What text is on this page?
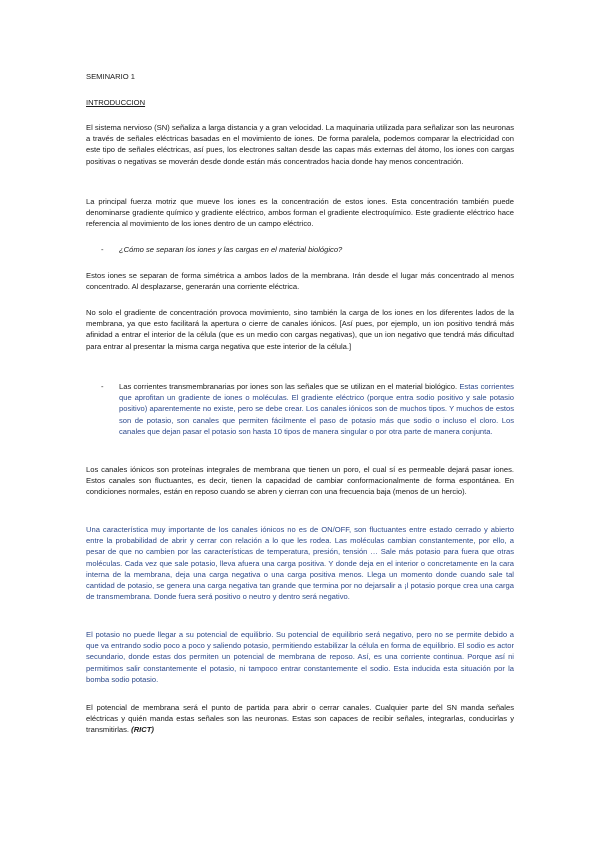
SEMINARIO 1

INTRODUCCION

El sistema nervioso (SN) señaliza a larga distancia y a gran velocidad. La maquinaria utilizada para señalizar son las neuronas a través de señales eléctricas basadas en el movimiento de iones. De forma paralela, podemos comparar la electricidad con este tipo de señales eléctricas, así pues, los electrones saltan desde las capas más externas del átomo, los iones con cargas positivas o negativas se moverán desde donde están más concentrados hacia donde hay menos concentración.

La principal fuerza motriz que mueve los iones es la concentración de estos iones. Esta concentración también puede denominarse gradiente químico y gradiente eléctrico, ambos forman el gradiente electroquímico. Este gradiente eléctrico hace referencia al movimiento de los iones dentro de un campo eléctrico.

- ¿Cómo se separan los iones y las cargas en el material biológico?

Estos iones se separan de forma simétrica a ambos lados de la membrana. Irán desde el lugar más concentrado al menos concentrado. Al desplazarse, generarán una corriente eléctrica.

No solo el gradiente de concentración provoca movimiento, sino también la carga de los iones en los diferentes lados de la membrana, ya que esto facilitará la apertura o cierre de canales iónicos. [Así pues, por ejemplo, un ion positivo tendrá más afinidad a entrar el interior de la célula (que es un medio con cargas negativas), que un ion negativo que tendrá más dificultad para entrar al presentar la misma carga negativa que este interior de la célula.]

- Las corrientes transmembranarias por iones son las señales que se utilizan en el material biológico. Estas corrientes que aprofitan un gradiente de iones o moléculas. El gradiente eléctrico (porque entra sodio positivo y sale potasio positivo) aparentemente no existe, pero se debe crear. Los canales iónicos son de muchos tipos. Y muchos de estos son de potasio, son canales que permiten fácilmente el paso de potasio más que sodio o incluso el cloro. Los canales que dejan pasar el potasio son hasta 10 tipos de manera singular o por otra parte de manera conjunta.

Los canales iónicos son proteínas integrales de membrana que tienen un poro, el cual sí es permeable dejará pasar iones. Estos canales son fluctuantes, es decir, tienen la capacidad de cambiar conformacionalmente de forma espontánea. En condiciones normales, están en reposo cuando se abren y cierran con una frecuencia baja (menos de un hercio).

Una característica muy importante de los canales iónicos no es de ON/OFF, son fluctuantes entre estado cerrado y abierto entre la probabilidad de abrir y cerrar con relación a lo que les rodea. Las moléculas cambian constantemente, por ello, a pesar de que no cambien por las características de temperatura, presión, tensión … Sale más potasio para fuera que otras moléculas. Cada vez que sale potasio, lleva afuera una carga positiva. Y donde deja en el interior o concretamente en la cara interna de la membrana, deja una carga negativa o una carga positiva menos. Llega un momento donde cuando sale tal cantidad de potasio, se genera una carga negativa tan grande que termina por no dejarsalir a ¡l potasio porque crea una carga de transmembrana. Donde fuera será positivo o neutro y dentro será negativo.

El potasio no puede llegar a su potencial de equilibrio. Su potencial de equilibrio será negativo, pero no se permite debido a que va entrando sodio poco a poco y saliendo potasio, permitiendo estabilizar la célula en forma de equilibrio. El sodio es actor secundario, donde estas dos permiten un potencial de membrana de reposo. Así, es una corriente continua. Porque así ni permitimos salir constantemente el potasio, ni tampoco entrar constantemente el sodio. Esta inducida esta situación por la bomba sodio potasio.

El potencial de membrana será el punto de partida para abrir o cerrar canales. Cualquier parte del SN manda señales eléctricas y quién manda estas señales son las neuronas. Estas son capaces de recibir señales, integrarlas, conducirlas y transmitirlas. (RICT)
